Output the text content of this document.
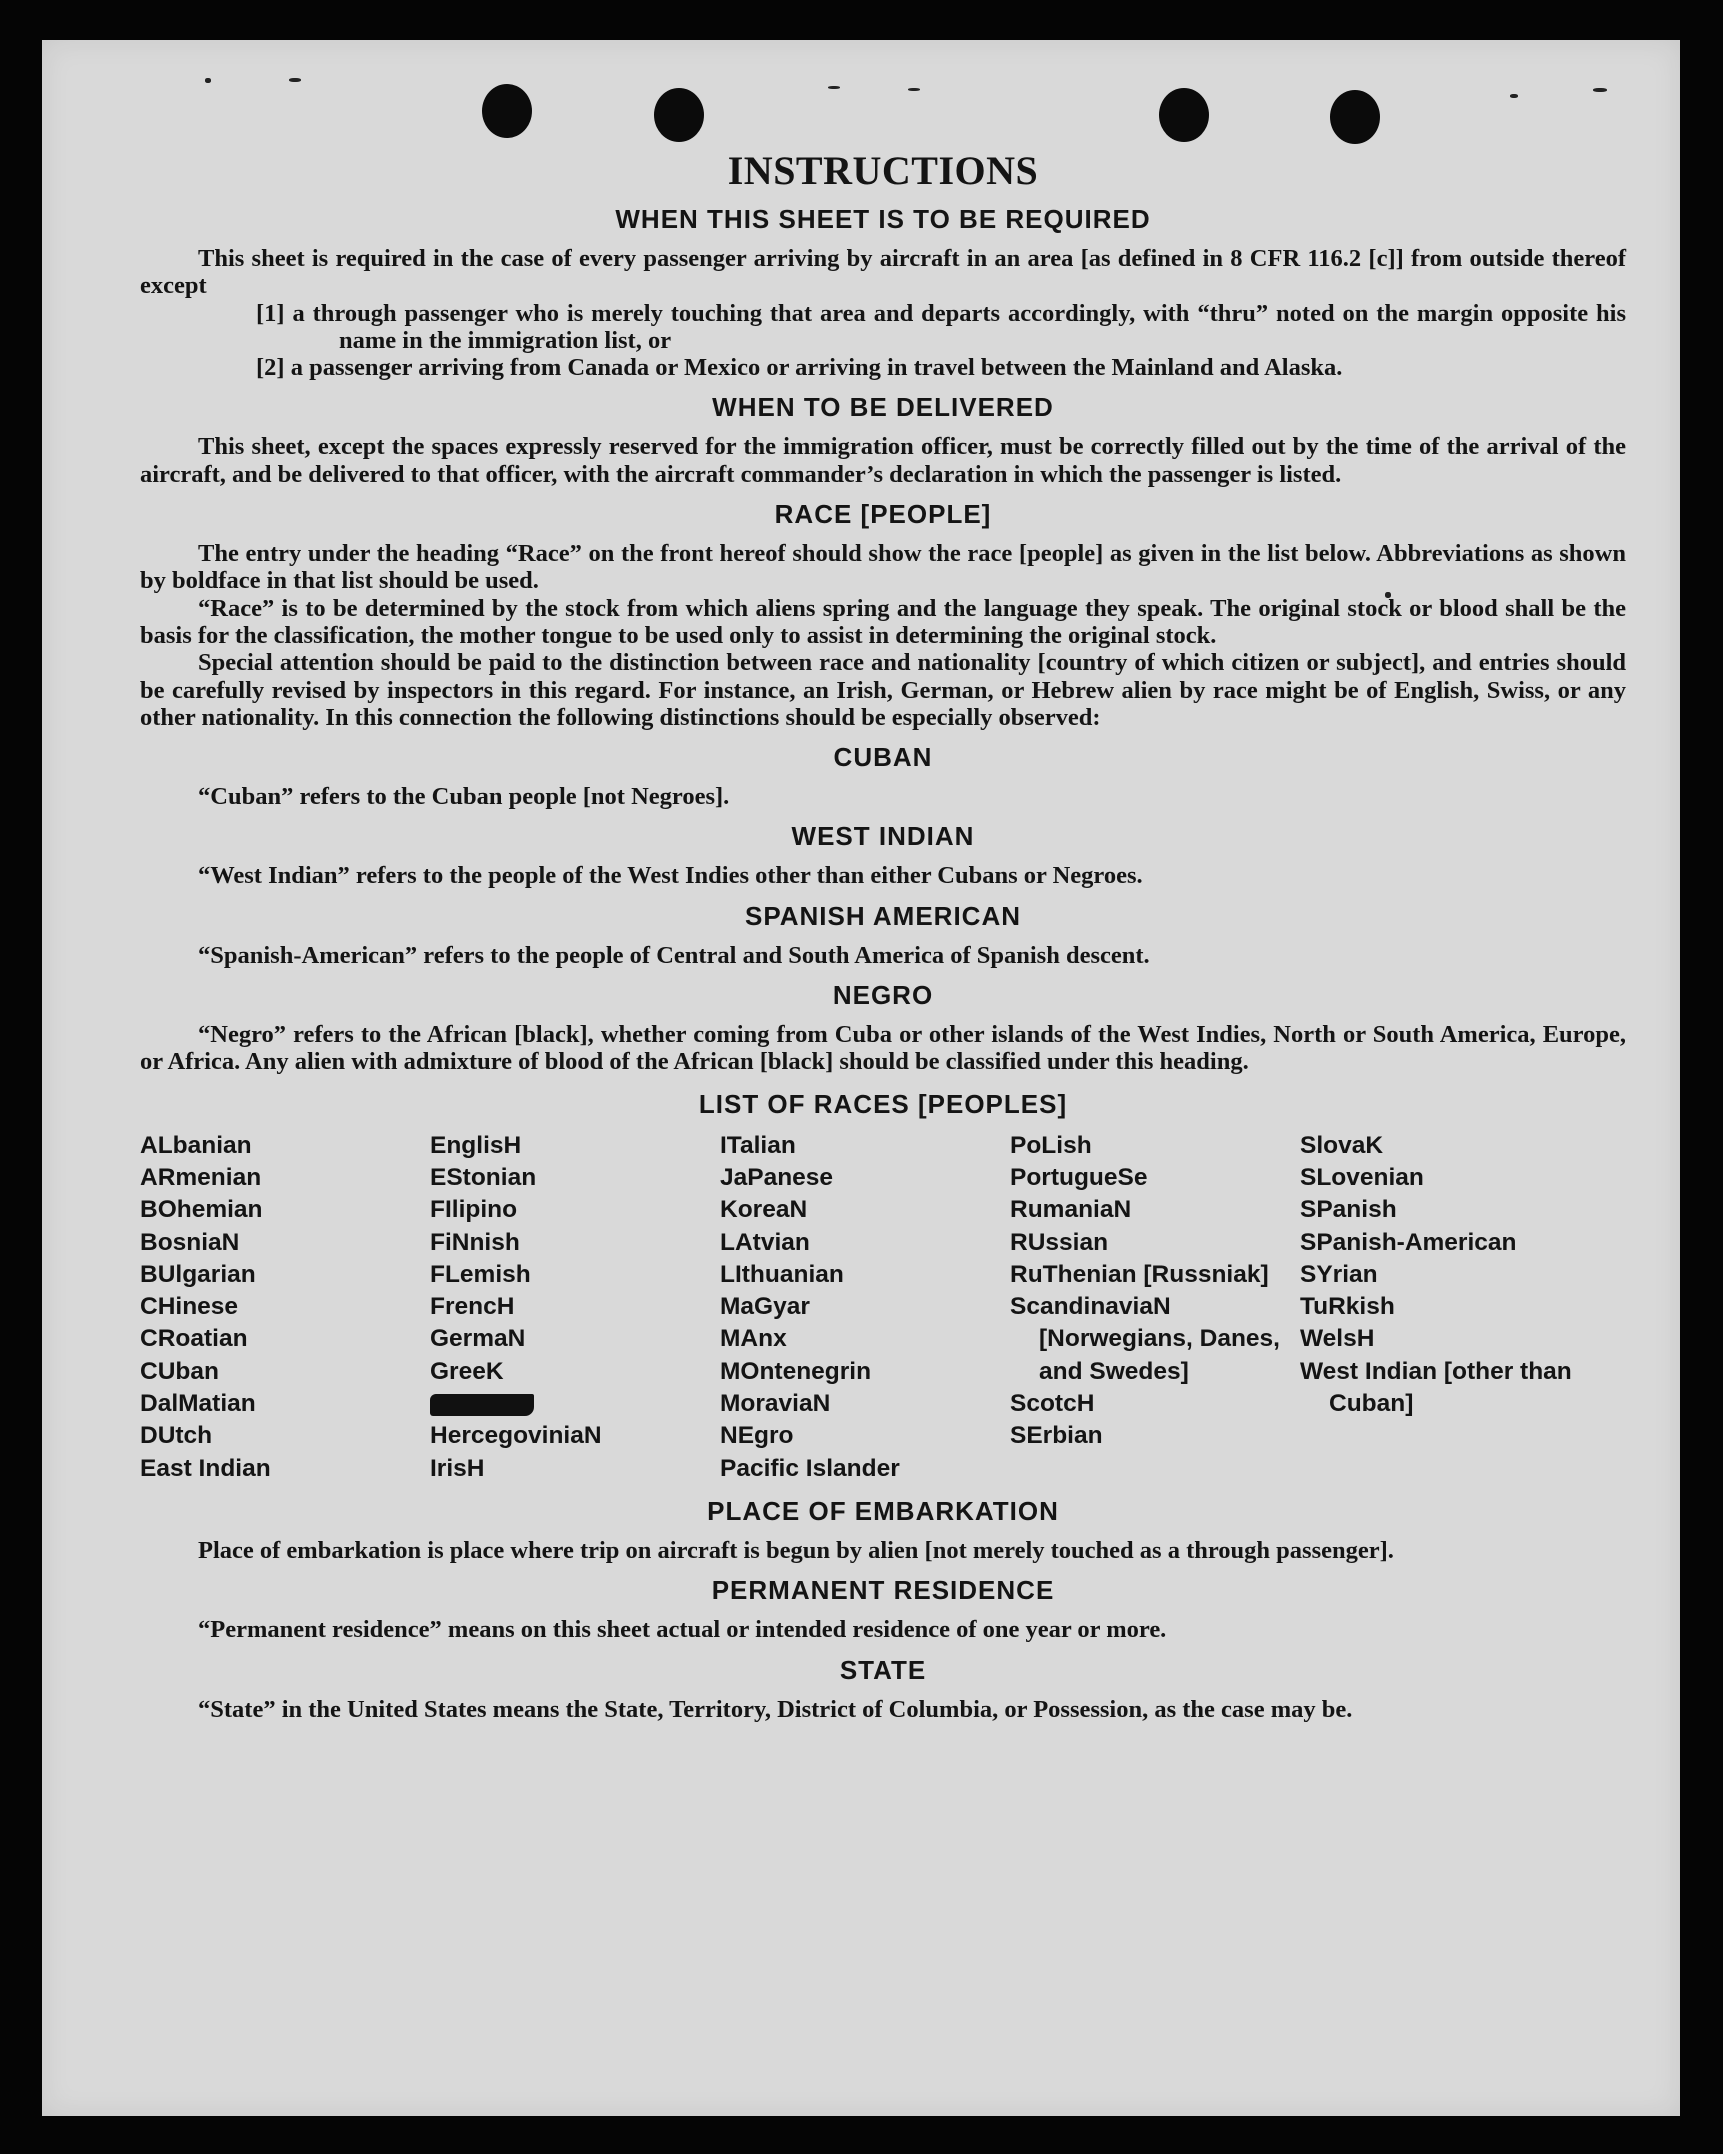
INSTRUCTIONS
WHEN THIS SHEET IS TO BE REQUIRED

This sheet is required in the case of every passenger arriving by aircraft in an area [as defined in 8 CFR 116.2 [c]] from outside thereof except

[1] a through passenger who is merely touching that area and departs accordingly, with “thru” noted on the margin opposite his name in the immigration list, or

[2] a passenger arriving from Canada or Mexico or arriving in travel between the Mainland and Alaska.

WHEN TO BE DELIVERED

This sheet, except the spaces expressly reserved for the immigration officer, must be correctly filled out by the time of the arrival of the aircraft, and be delivered to that officer, with the aircraft commander’s declaration in which the passenger is listed.

RACE [PEOPLE]

The entry under the heading “Race” on the front hereof should show the race [people] as given in the list below. Abbreviations as shown by boldface in that list should be used.

“Race” is to be determined by the stock from which aliens spring and the language they speak. The original stock or blood shall be the basis for the classification, the mother tongue to be used only to assist in determining the original stock.

Special attention should be paid to the distinction between race and nationality [country of which citizen or subject], and entries should be carefully revised by inspectors in this regard. For instance, an Irish, German, or Hebrew alien by race might be of English, Swiss, or any other nationality. In this connection the following distinctions should be especially observed:

CUBAN

“Cuban” refers to the Cuban people [not Negroes].

WEST INDIAN

“West Indian” refers to the people of the West Indies other than either Cubans or Negroes.

SPANISH AMERICAN

“Spanish-American” refers to the people of Central and South America of Spanish descent.

NEGRO

“Negro” refers to the African [black], whether coming from Cuba or other islands of the West Indies, North or South America, Europe, or Africa. Any alien with admixture of blood of the African [black] should be classified under this heading.

LIST OF RACES [PEOPLES]
ALbanian
ARmenian
BOhemian
BosniaN
BUlgarian
CHinese
CRoatian
CUban
DalMatian
DUtch
East Indian
EnglisH
EStonian
FIlipino
FiNnish
FLemish
FrencH
GermaN
GreeK
HercegoviniaN
IrisH
ITalian
JaPanese
KoreaN
LAtvian
LIthuanian
MaGyar
MAnx
MOntenegrin
MoraviaN
NEgro
Pacific Islander
PoLish
PortugueSe
RumaniaN
RUssian
RuThenian [Russniak]
ScandinaviaN [Norwegians, Danes, and Swedes]
ScotcH
SErbian
SlovaK
SLovenian
SPanish
SPanish-American
SYrian
TuRkish
WelsH
West Indian [other than Cuban]
PLACE OF EMBARKATION

Place of embarkation is place where trip on aircraft is begun by alien [not merely touched as a through passenger].

PERMANENT RESIDENCE

“Permanent residence” means on this sheet actual or intended residence of one year or more.

STATE

“State” in the United States means the State, Territory, District of Columbia, or Possession, as the case may be.
